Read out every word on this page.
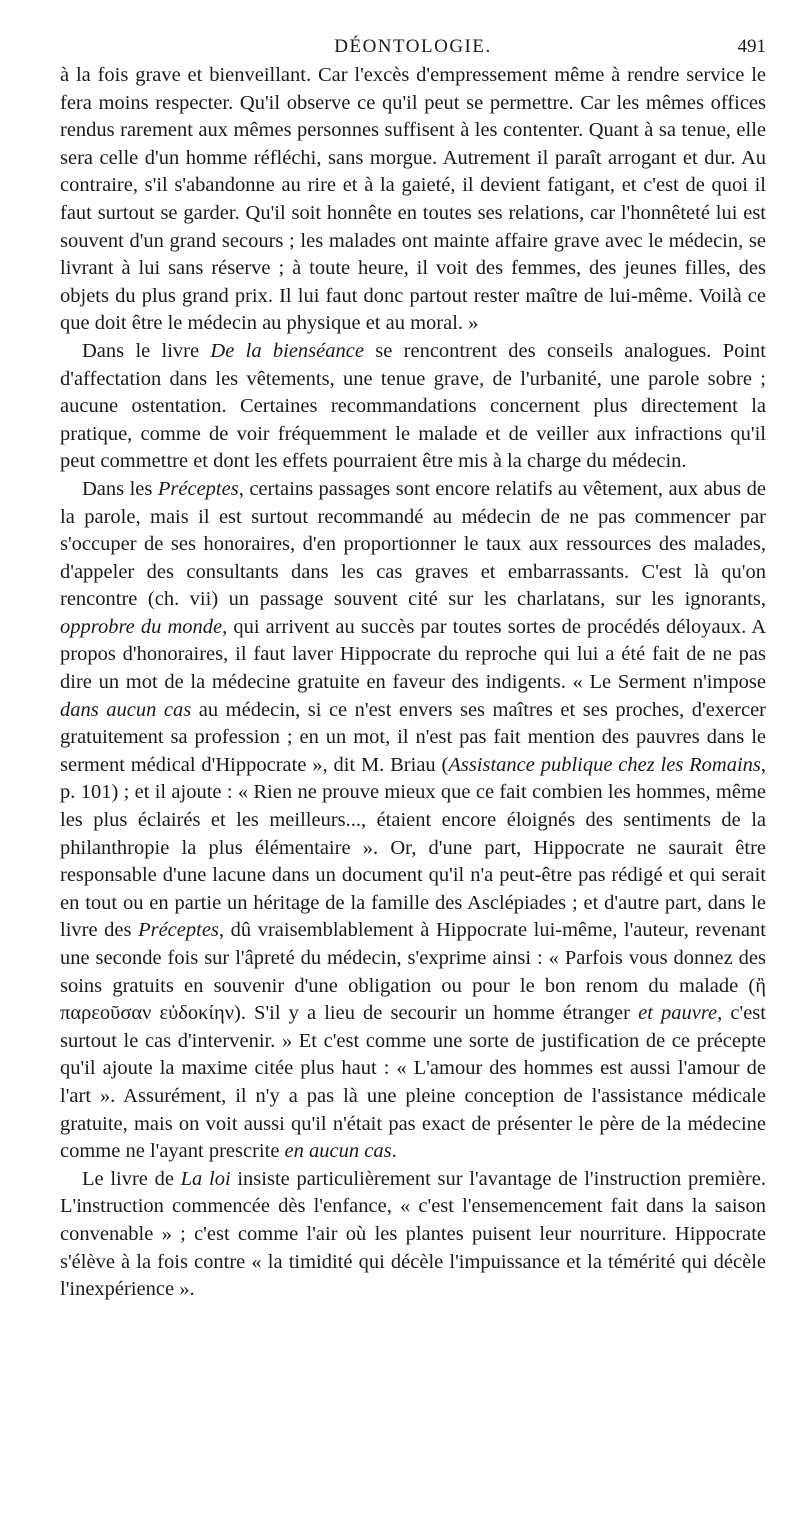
DÉONTOLOGIE.	491

à la fois grave et bienveillant. Car l'excès d'empressement même à rendre service le fera moins respecter. Qu'il observe ce qu'il peut se permettre. Car les mêmes offices rendus rarement aux mêmes personnes suffisent à les contenter. Quant à sa tenue, elle sera celle d'un homme réfléchi, sans morgue. Autrement il paraît arrogant et dur. Au contraire, s'il s'abandonne au rire et à la gaieté, il devient fatigant, et c'est de quoi il faut surtout se garder. Qu'il soit honnête en toutes ses relations, car l'honnêteté lui est souvent d'un grand secours ; les malades ont mainte affaire grave avec le médecin, se livrant à lui sans réserve ; à toute heure, il voit des femmes, des jeunes filles, des objets du plus grand prix. Il lui faut donc partout rester maître de lui-même. Voilà ce que doit être le médecin au physique et au moral. »

Dans le livre De la bienséance se rencontrent des conseils analogues. Point d'affectation dans les vêtements, une tenue grave, de l'urbanité, une parole sobre ; aucune ostentation. Certaines recommandations concernent plus directement la pratique, comme de voir fréquemment le malade et de veiller aux infractions qu'il peut commettre et dont les effets pourraient être mis à la charge du médecin.

Dans les Préceptes, certains passages sont encore relatifs au vêtement, aux abus de la parole, mais il est surtout recommandé au médecin de ne pas commencer par s'occuper de ses honoraires, d'en proportionner le taux aux ressources des malades, d'appeler des consultants dans les cas graves et embarrassants. C'est là qu'on rencontre (ch. vii) un passage souvent cité sur les charlatans, sur les ignorants, opprobre du monde, qui arrivent au succès par toutes sortes de procédés déloyaux. A propos d'honoraires, il faut laver Hippocrate du reproche qui lui a été fait de ne pas dire un mot de la médecine gratuite en faveur des indigents. « Le Serment n'impose dans aucun cas au médecin, si ce n'est envers ses maîtres et ses proches, d'exercer gratuitement sa profession ; en un mot, il n'est pas fait mention des pauvres dans le serment médical d'Hippocrate », dit M. Briau (Assistance publique chez les Romains, p. 101) ; et il ajoute : « Rien ne prouve mieux que ce fait combien les hommes, même les plus éclairés et les meilleurs..., étaient encore éloignés des sentiments de la philanthropie la plus élémentaire ». Or, d'une part, Hippocrate ne saurait être responsable d'une lacune dans un document qu'il n'a peut-être pas rédigé et qui serait en tout ou en partie un héritage de la famille des Asclépiades ; et d'autre part, dans le livre des Préceptes, dû vraisemblablement à Hippocrate lui-même, l'auteur, revenant une seconde fois sur l'âpreté du médecin, s'exprime ainsi : « Parfois vous donnez des soins gratuits en souvenir d'une obligation ou pour le bon renom du malade (ἢ παρεοῦσαν εὐδοκίην). S'il y a lieu de secourir un homme étranger et pauvre, c'est surtout le cas d'intervenir. » Et c'est comme une sorte de justification de ce précepte qu'il ajoute la maxime citée plus haut : « L'amour des hommes est aussi l'amour de l'art ». Assurément, il n'y a pas là une pleine conception de l'assistance médicale gratuite, mais on voit aussi qu'il n'était pas exact de présenter le père de la médecine comme ne l'ayant prescrite en aucun cas.

Le livre de La loi insiste particulièrement sur l'avantage de l'instruction première. L'instruction commencée dès l'enfance, « c'est l'ensemencement fait dans la saison convenable » ; c'est comme l'air où les plantes puisent leur nourriture. Hippocrate s'élève à la fois contre « la timidité qui décèle l'impuissance et la témérité qui décèle l'inexpérience ».
